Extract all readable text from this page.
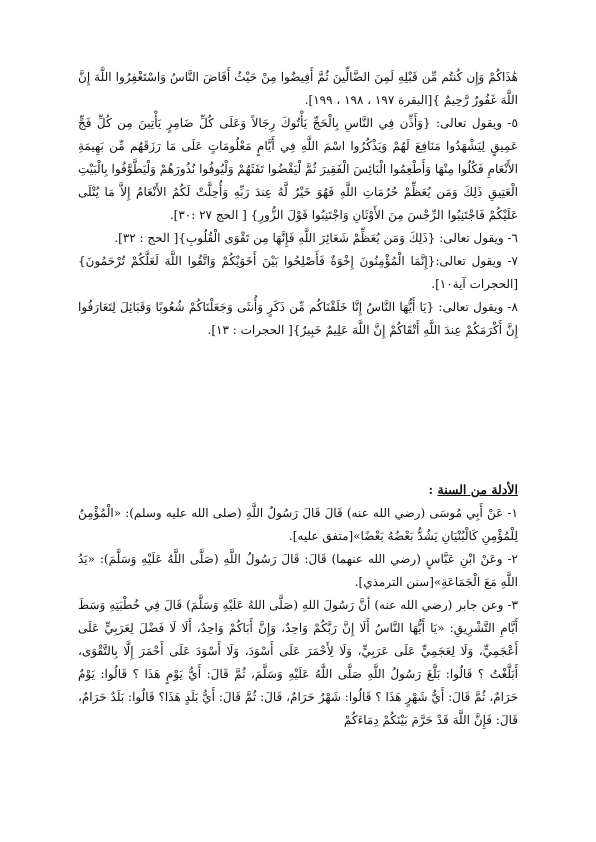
هَٰذَاكُمْ وَإِن كُنتُم مِّن قَبْلِهِ لَمِنَ الضَّالِّينَ ثُمَّ أَفِيضُوا مِنْ حَيْثُ أَفَاضَ النَّاسُ وَاسْتَغْفِرُوا اللَّهَ إِنَّ اللَّهَ غَفُورٌ رَّحِيمٌ }[البقرة ١٩٧ ، ١٩٨ ، ١٩٩].

٥- ويقول تعالى: {وَأَذِّن فِي النَّاسِ بِالْحَجِّ يَأْتُوكَ رِجَالاً وَعَلَى كُلِّ ضَامِرٍ يَأْتِينَ مِن كُلِّ فَجٍّ عَمِيقٍ لِيَشْهَدُوا مَنَافِعَ لَهُمْ وَيَذْكُرُوا اسْمَ اللَّهِ فِي أَيَّامٍ مَعْلُومَاتٍ عَلَى مَا رَزَقَهُم مِّن بَهِيمَةِ الأَنْعَامِ فَكُلُوا مِنْهَا وَأَطْعِمُوا الْبَائِسَ الْفَقِيرَ ثُمَّ لْيَقْضُوا تَفَثَهُمْ وَلْيُوفُوا نُذُورَهُمْ وَلْيَطَّوَّفُوا بِالْبَيْتِ الْعَتِيقِ ذَلِكَ وَمَن يُعَظِّمْ حُرُمَاتِ اللَّهِ فَهُوَ خَيْرٌ لَّهُ عِندَ رَبِّهِ وَأُحِلَّتْ لَكُمُ الأَنْعَامُ إِلاَّ مَا يُتْلَى عَلَيْكُمْ فَاجْتَنِبُوا الرِّجْسَ مِنَ الأَوْثَانِ وَاجْتَنِبُوا قَوْلَ الزُّورِ} [ الحج ٢٧ :٣٠].

٦- ويقول تعالى: {ذَلِكَ وَمَن يُعَظِّمْ شَعَائِرَ اللَّهِ فَإِنَّهَا مِن تَقْوَى الْقُلُوبِ}[ الحج : ٣٢].

٧- ويقول تعالى:{إِنَّمَا الْمُؤْمِنُونَ إِخْوَةٌ فَأَصْلِحُوا بَيْنَ أَخَوَيْكُمْ وَاتَّقُوا اللَّهَ لَعَلَّكُمْ تُرْحَمُونَ}[الحجرات آية١٠].

٨- ويقول تعالى: {يَا أَيُّهَا النَّاسُ إِنَّا خَلَقْنَاكُم مِّن ذَكَرٍ وَأُنثَى وَجَعَلْنَاكُمْ شُعُوبًا وَقَبَائِلَ لِتَعَارَفُوا إِنَّ أَكْرَمَكُمْ عِندَ اللَّهِ أَتْقَاكُمْ إِنَّ اللَّهَ عَلِيمٌ خَبِيرٌ}[ الحجرات : ١٣].

الأدلة من السنة :

١- عَنْ أَبِي مُوسَى (رضي الله عنه) قَالَ قَالَ رَسُولُ اللَّهِ (صلى الله عليه وسلم): «الْمُؤْمِنُ لِلْمُؤْمِنِ كَالْبُنْيَانِ يَشُدُّ بَعْضُهُ بَعْضًا»[متفق عليه].

٢- وعَنْ ابْنِ عَبَّاسٍ (رضي الله عنهما) قَالَ: قَالَ رَسُولُ اللَّهِ (صَلَّى اللَّهُ عَلَيْهِ وَسَلَّمَ): «يَدُ اللَّهِ مَعَ الْجَمَاعَةِ»[سنن الترمذي].

٣- وعن جابر (رضي الله عنه) أنَّ رَسُولَ اللهِ (صَلَّى اللهُ عَلَيْهِ وَسَلَّمَ) قَالَ فِي خُطْبَتِهِ وَسَطَ أَيَّامِ التَّشْرِيقِ: «يَا أَيُّهَا النَّاسُ أَلَا إِنَّ رَبَّكُمْ وَاحِدٌ، وَإِنَّ أَبَاكُمْ وَاحِدٌ، أَلَا لَا فَضْلَ لِعَرَبِيٍّ عَلَى أَعْجَمِيٍّ، وَلَا لِعَجَمِيٍّ عَلَى عَرَبِيٍّ، وَلَا لِأَحْمَرَ عَلَى أَسْوَدَ، وَلَا أَسْوَدَ عَلَى أَحْمَرَ إِلَّا بِالتَّقْوَى، أَبَلَّغْتُ ؟ قَالُوا: بَلَّغَ رَسُولُ اللَّهِ صَلَّى اللَّهُ عَلَيْهِ وَسَلَّمَ، ثُمَّ قَالَ: أَيُّ يَوْمٍ هَذَا ؟ قَالُوا: يَوْمٌ حَرَامٌ، ثُمَّ قَالَ: أَيُّ شَهْرٍ هَذَا ؟ قَالُوا: شَهْرٌ حَرَامٌ، قَالَ: ثُمَّ قَالَ: أَيُّ بَلَدٍ هَذَا؟ قَالُوا: بَلَدٌ حَرَامٌ، قَالَ: فَإِنَّ اللَّهَ قَدْ حَرَّمَ بَيْنَكُمْ دِمَاءَكُمْ
